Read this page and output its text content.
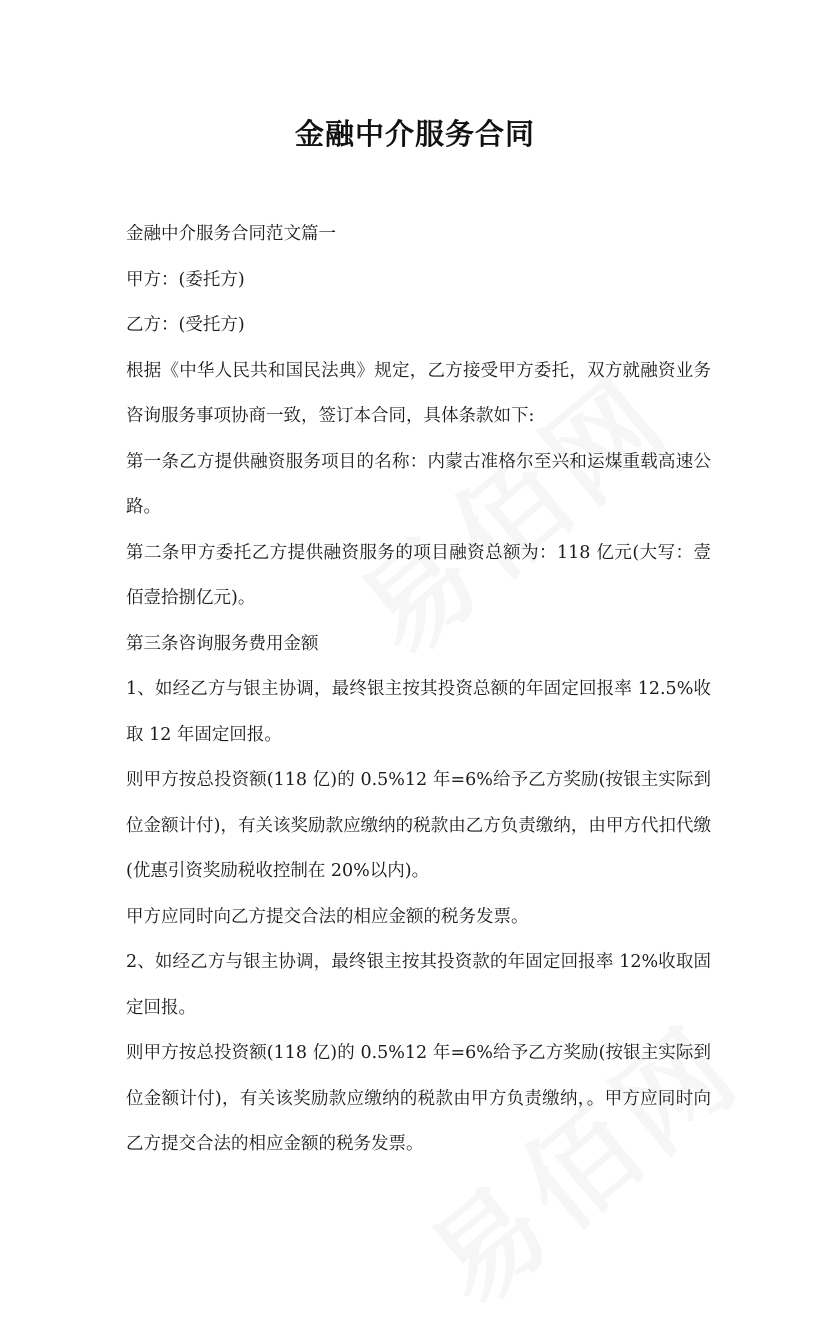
金融中介服务合同

金融中介服务合同范文篇一

甲方：(委托方)

乙方：(受托方)

根据《中华人民共和国民法典》规定，乙方接受甲方委托，双方就融资业务咨询服务事项协商一致，签订本合同，具体条款如下:

第一条乙方提供融资服务项目的名称：内蒙古准格尔至兴和运煤重载高速公路。

第二条甲方委托乙方提供融资服务的项目融资总额为：118 亿元(大写：壹佰壹拾捌亿元)。

第三条咨询服务费用金额

1、如经乙方与银主协调，最终银主按其投资总额的年固定回报率 12.5%收取 12 年固定回报。

则甲方按总投资额(118 亿)的 0.5%12 年=6%给予乙方奖励(按银主实际到位金额计付)，有关该奖励款应缴纳的税款由乙方负责缴纳，由甲方代扣代缴(优惠引资奖励税收控制在 20%以内)。

甲方应同时向乙方提交合法的相应金额的税务发票。

2、如经乙方与银主协调，最终银主按其投资款的年固定回报率 12%收取固定回报。

则甲方按总投资额(118 亿)的 0.5%12 年=6%给予乙方奖励(按银主实际到位金额计付)，有关该奖励款应缴纳的税款由甲方负责缴纳，。甲方应同时向乙方提交合法的相应金额的税务发票。
